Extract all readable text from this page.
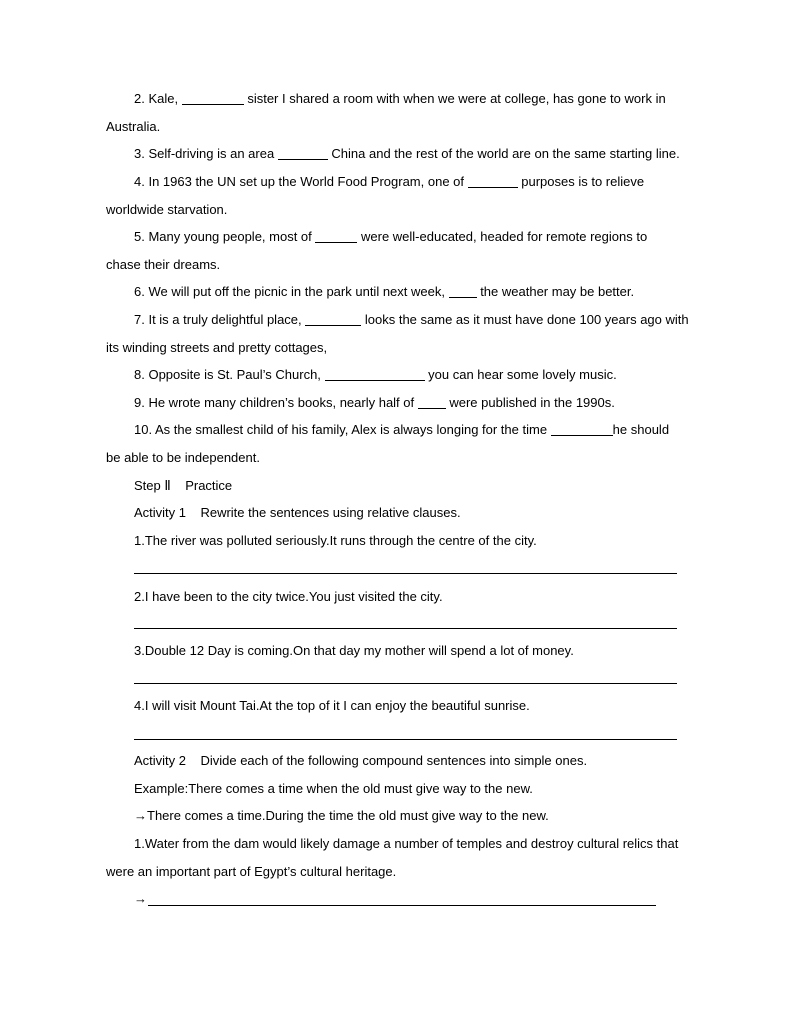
2. Kale,	sister I shared a room with when we were at college, has gone to work in
Australia.
3. Self-driving is an area	China and the rest of the world are on the same starting line.
4. In 1963 the UN set up the World Food Program, one of	purposes is to relieve
worldwide starvation.
5. Many young people, most of	were well-educated, headed for remote regions to
chase their dreams.
6. We will put off the picnic in the park until next week,  the weather may be better.
7. It is a truly delightful place,	looks the same as it must have done 100 years ago with
its winding streets and pretty cottages,
8. Opposite is St. Paul’s Church,	you can hear some lovely music.
9. He wrote many children’s books, nearly half of  were published in the 1990s.
10. As the smallest child of his family, Alex is always longing for the time	he should
be able to be independent.
Step Ⅱ    Practice
Activity 1    Rewrite the sentences using relative clauses.
1.The river was polluted seriously.It runs through the centre of the city.
2.I have been to the city twice.You just visited the city.
3.Double 12 Day is coming.On that day my mother will spend a lot of money.
4.I will visit Mount Tai.At the top of it I can enjoy the beautiful sunrise.
Activity 2    Divide each of the following compound sentences into simple ones.
Example:There comes a time when the old must give way to the new.
→There comes a time.During the time the old must give way to the new.
1.Water from the dam would likely damage a number of temples and destroy cultural relics that
were an important part of Egypt’s cultural heritage.
→
